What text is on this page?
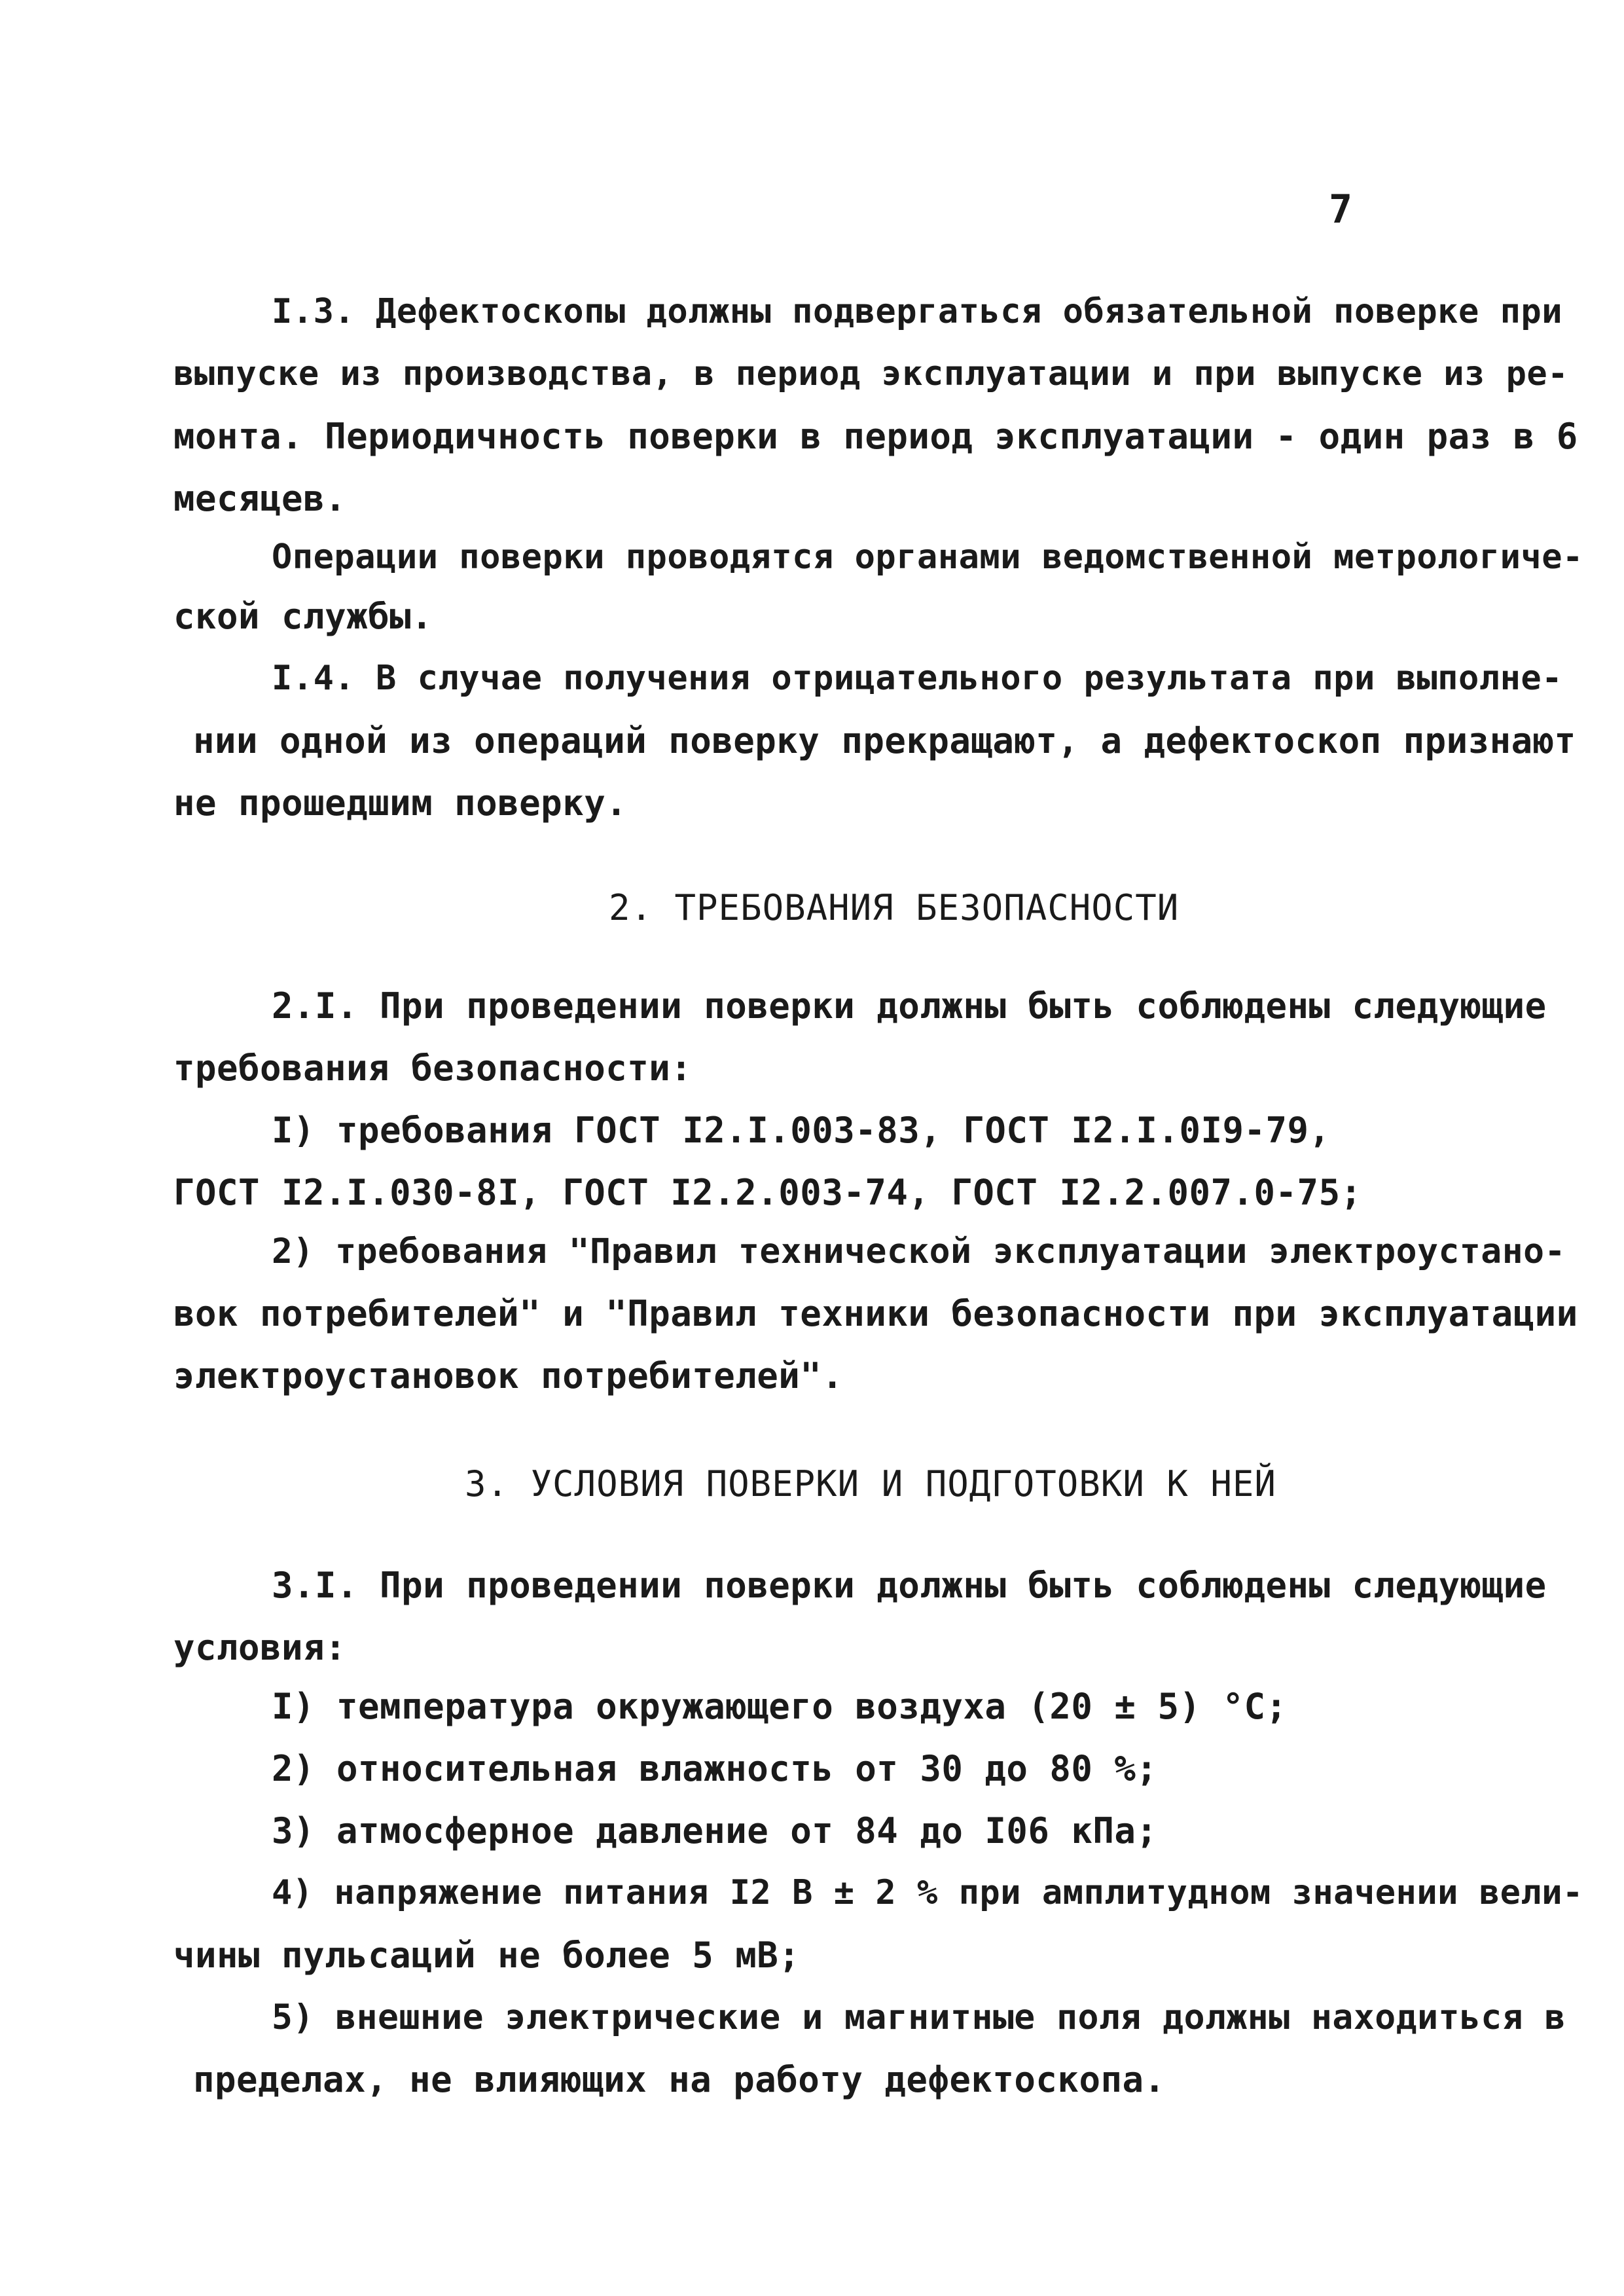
7
I.3. Дефектоскопы должны подвергаться обязательной поверке при
выпуске из производства, в период эксплуатации и при выпуске из ре-
монта. Периодичность поверки в период эксплуатации - один раз в 6
месяцев.
Операции поверки проводятся органами ведомственной метрологиче-
ской службы.
I.4. В случае получения отрицательного результата при выполне-
нии одной из операций поверку прекращают, а дефектоскоп признают
не прошедшим поверку.
2. ТРЕБОВАНИЯ БЕЗОПАСНОСТИ
2.I. При проведении поверки должны быть соблюдены следующие
требования безопасности:
I) требования ГОСТ I2.I.003-83, ГОСТ I2.I.0I9-79,
ГОСТ I2.I.030-8I, ГОСТ I2.2.003-74, ГОСТ I2.2.007.0-75;
2) требования "Правил технической эксплуатации электроустано-
вок потребителей" и "Правил техники безопасности при эксплуатации
электроустановок потребителей".
3. УСЛОВИЯ ПОВЕРКИ И ПОДГОТОВКИ К НЕЙ
3.I. При проведении поверки должны быть соблюдены следующие
условия:
I) температура окружающего воздуха (20 ± 5) °С;
2) относительная влажность от 30 до 80 %;
3) атмосферное давление от 84 до I06 кПа;
4) напряжение питания I2 В ± 2 % при амплитудном значении вели-
чины пульсаций не более 5 мВ;
5) внешние электрические и магнитные поля должны находиться в
пределах, не влияющих на работу дефектоскопа.
